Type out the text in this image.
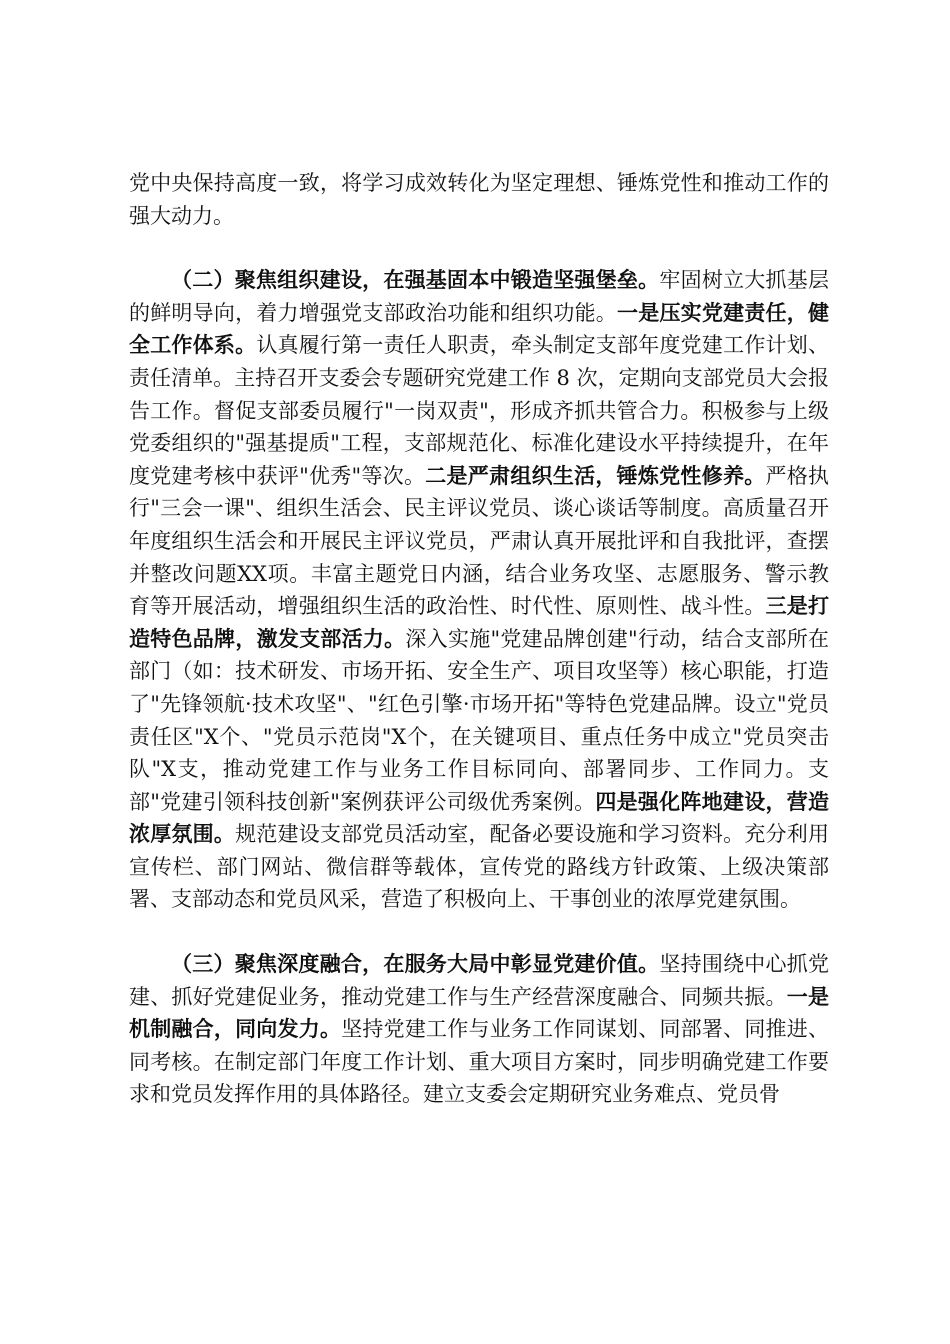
党中央保持高度一致，将学习成效转化为坚定理想、锤炼党性和推动工作的强大动力。

（二）聚焦组织建设，在强基固本中锻造坚强堡垒。牢固树立大抓基层的鲜明导向，着力增强党支部政治功能和组织功能。一是压实党建责任，健全工作体系。认真履行第一责任人职责，牵头制定支部年度党建工作计划、责任清单。主持召开支委会专题研究党建工作 8 次，定期向支部党员大会报告工作。督促支部委员履行"一岗双责"，形成齐抓共管合力。积极参与上级党委组织的"强基提质"工程，支部规范化、标准化建设水平持续提升，在年度党建考核中获评"优秀"等次。二是严肃组织生活，锤炼党性修养。严格执行"三会一课"、组织生活会、民主评议党员、谈心谈话等制度。高质量召开年度组织生活会和开展民主评议党员，严肃认真开展批评和自我批评，查摆并整改问题XX项。丰富主题党日内涵，结合业务攻坚、志愿服务、警示教育等开展活动，增强组织生活的政治性、时代性、原则性、战斗性。三是打造特色品牌，激发支部活力。深入实施"党建品牌创建"行动，结合支部所在部门（如：技术研发、市场开拓、安全生产、项目攻坚等）核心职能，打造了"先锋领航·技术攻坚"、"红色引擎·市场开拓"等特色党建品牌。设立"党员责任区"X个、"党员示范岗"X个，在关键项目、重点任务中成立"党员突击队"X支，推动党建工作与业务工作目标同向、部署同步、工作同力。支部"党建引领科技创新"案例获评公司级优秀案例。四是强化阵地建设，营造浓厚氛围。规范建设支部党员活动室，配备必要设施和学习资料。充分利用宣传栏、部门网站、微信群等载体，宣传党的路线方针政策、上级决策部署、支部动态和党员风采，营造了积极向上、干事创业的浓厚党建氛围。

（三）聚焦深度融合，在服务大局中彰显党建价值。坚持围绕中心抓党建、抓好党建促业务，推动党建工作与生产经营深度融合、同频共振。一是机制融合，同向发力。坚持党建工作与业务工作同谋划、同部署、同推进、同考核。在制定部门年度工作计划、重大项目方案时，同步明确党建工作要求和党员发挥作用的具体路径。建立支委会定期研究业务难点、党员骨
